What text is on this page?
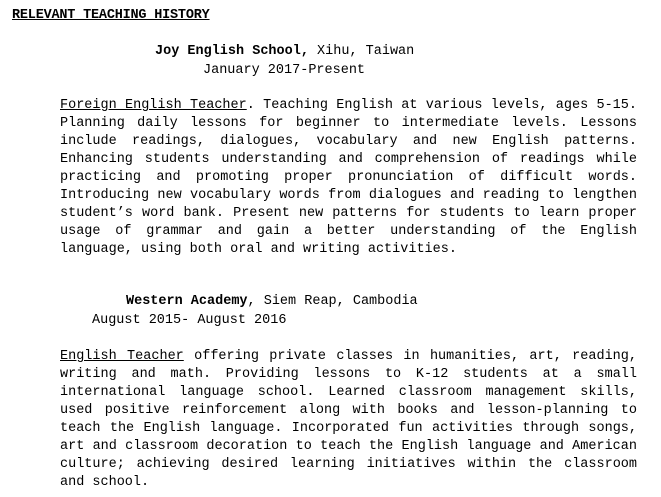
RELEVANT TEACHING HISTORY
Joy English School, Xihu, Taiwan
January 2017-Present

Foreign English Teacher. Teaching English at various levels, ages 5-15. Planning daily lessons for beginner to intermediate levels. Lessons include readings, dialogues, vocabulary and new English patterns. Enhancing students understanding and comprehension of readings while practicing and promoting proper pronunciation of difficult words. Introducing new vocabulary words from dialogues and reading to lengthen student’s word bank. Present new patterns for students to learn proper usage of grammar and gain a better understanding of the English language, using both oral and writing activities.

Western Academy, Siem Reap, Cambodia
August 2015- August 2016

English Teacher offering private classes in humanities, art, reading, writing and math. Providing lessons to K-12 students at a small international language school. Learned classroom management skills, used positive reinforcement along with books and lesson-planning to teach the English language. Incorporated fun activities through songs, art and classroom decoration to teach the English language and American culture; achieving desired learning initiatives within the classroom and school.
